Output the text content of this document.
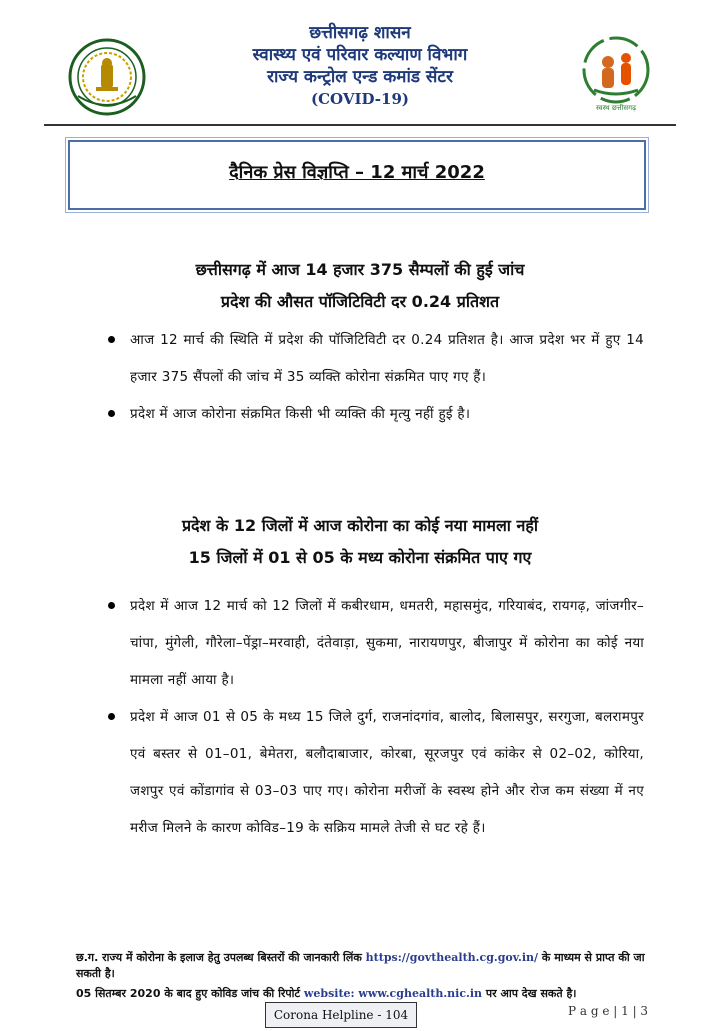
छत्तीसगढ़ शासन
स्वास्थ्य एवं परिवार कल्याण विभाग
राज्य कन्ट्रोल एन्ड कमांड सेंटर
(COVID-19)	स्वस्थ छत्तीसगढ़
दैनिक प्रेस विज्ञप्ति – 12 मार्च 2022
छत्तीसगढ़ में आज 14 हजार 375 सैम्पलों की हुई जांच
प्रदेश की औसत पॉजिटिविटी दर 0.24 प्रतिशत
आज 12 मार्च की स्थिति में प्रदेश की पॉजिटिविटी दर 0.24 प्रतिशत है। आज प्रदेश भर में हुए 14 हजार 375 सैंपलों की जांच में 35 व्यक्ति कोरोना संक्रमित पाए गए हैं।
प्रदेश में आज कोरोना संक्रमित किसी भी व्यक्ति की मृत्यु नहीं हुई है।
प्रदेश के 12 जिलों में आज कोरोना का कोई नया मामला नहीं
15 जिलों में 01 से 05 के मध्य कोरोना संक्रमित पाए गए
प्रदेश में आज 12 मार्च को 12 जिलों में कबीरधाम, धमतरी, महासमुंद, गरियाबंद, रायगढ़, जांजगीर–चांपा, मुंगेली, गौरेला–पेंड्रा–मरवाही, दंतेवाड़ा, सुकमा, नारायणपुर, बीजापुर में कोरोना का कोई नया मामला नहीं आया है।
प्रदेश में आज 01 से 05 के मध्य 15 जिले दुर्ग, राजनांदगांव, बालोद, बिलासपुर, सरगुजा, बलरामपुर एवं बस्तर से 01–01, बेमेतरा, बलौदाबाजार, कोरबा, सूरजपुर एवं कांकेर से 02–02, कोरिया, जशपुर एवं कोंडागांव से 03–03 पाए गए। कोरोना मरीजों के स्वस्थ होने और रोज कम संख्या में नए मरीज मिलने के कारण कोविड–19 के सक्रिय मामले तेजी से घट रहे हैं।
छ.ग. राज्य में कोरोना के इलाज हेतु उपलब्ध बिस्तरों की जानकारी लिंक https://govthealth.cg.gov.in/ के माध्यम से प्राप्त की जा सकती है।
05 सितम्बर 2020 के बाद हुए कोविड जांच की रिपोर्ट website: www.cghealth.nic.in पर आप देख सकते है।
Corona Helpline - 104	P a g e | 1 | 3
